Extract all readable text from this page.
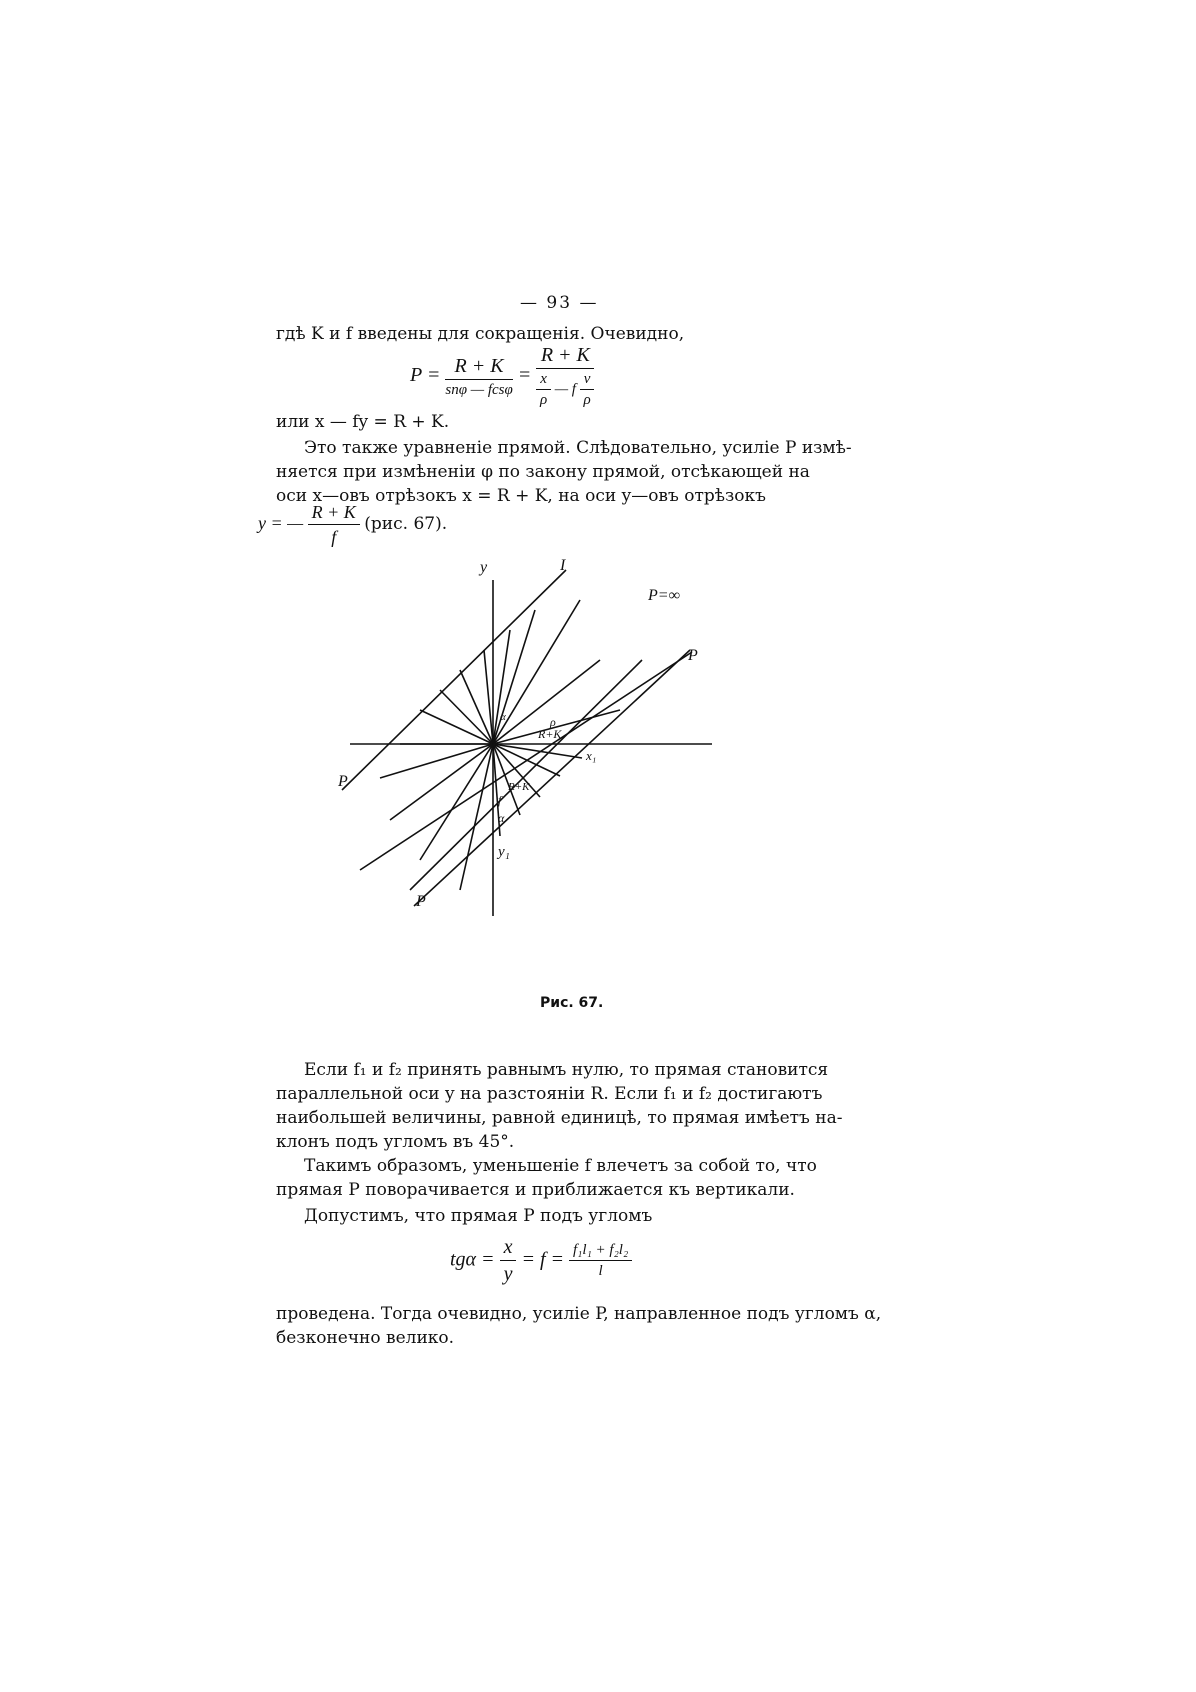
— 93 —
гдѣ K и f введены для сокращенія. Очевидно,
$P = \frac{R + K}{\text{snφ — fcsφ}} = \frac{R + K}{\frac{x}{\rho} — f \frac{v}{\rho}}$
или x — fy = R + K.
Это также уравненіе прямой. Слѣдовательно, усиліе P измѣ-
няется при измѣненіи φ по закону прямой, отсѣкающей на
оси x—овъ отрѣзокъ x = R + K, на оси y—овъ отрѣзокъ
y = — $\frac{R + K}{f} (рис$. 67).
y	I
P=∞
P
P
P
ρ
R+K
x₁
R+K
f
α
y₁
α
Рис. 67.
Если f₁ и f₂ принять равнымъ нулю, то прямая становится
параллельной оси y на разстояніи R. Если f₁ и f₂ достигаютъ
наибольшей величины, равной единицѣ, то прямая имѣетъ на-
клонъ подъ угломъ въ 45°.
Такимъ образомъ, уменьшеніе f влечетъ за собой то, что
прямая P поворачивается и приближается къ вертикали.
Допустимъ, что прямая P подъ угломъ
$tg\alpha = \frac{x}{y} = f = \frac{\text{f₁l₁ + f₂l₂}}{l}$
проведена. Тогда очевидно, усиліе P, направленное подъ угломъ α,
безконечно велико.
